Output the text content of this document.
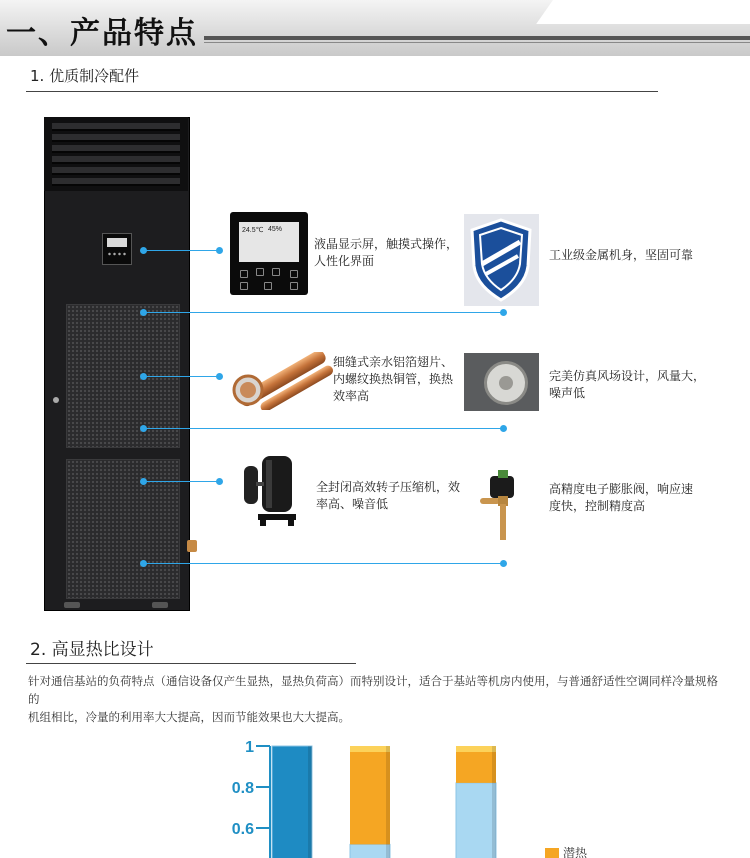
一、产品特点
1. 优质制冷配件
24.5℃ 45%
液晶显示屏，触摸式操作，
人性化界面	工业级金属机身，坚固可靠
细缝式亲水铝箔翅片、
内螺纹换热铜管，换热
效率高
完美仿真风场设计，风量大，
噪声低
全封闭高效转子压缩机，效
率高、噪音低
高精度电子膨胀阀，响应速
度快，控制精度高
2. 高显热比设计
针对通信基站的负荷特点（通信设备仅产生显热，显热负荷高）而特别设计，适合于基站等机房内使用，与普通舒适性空调同样冷量规格的
机组相比，冷量的利用率大大提高，因而节能效果也大大提高。
0.6
0.8
1
潜热
